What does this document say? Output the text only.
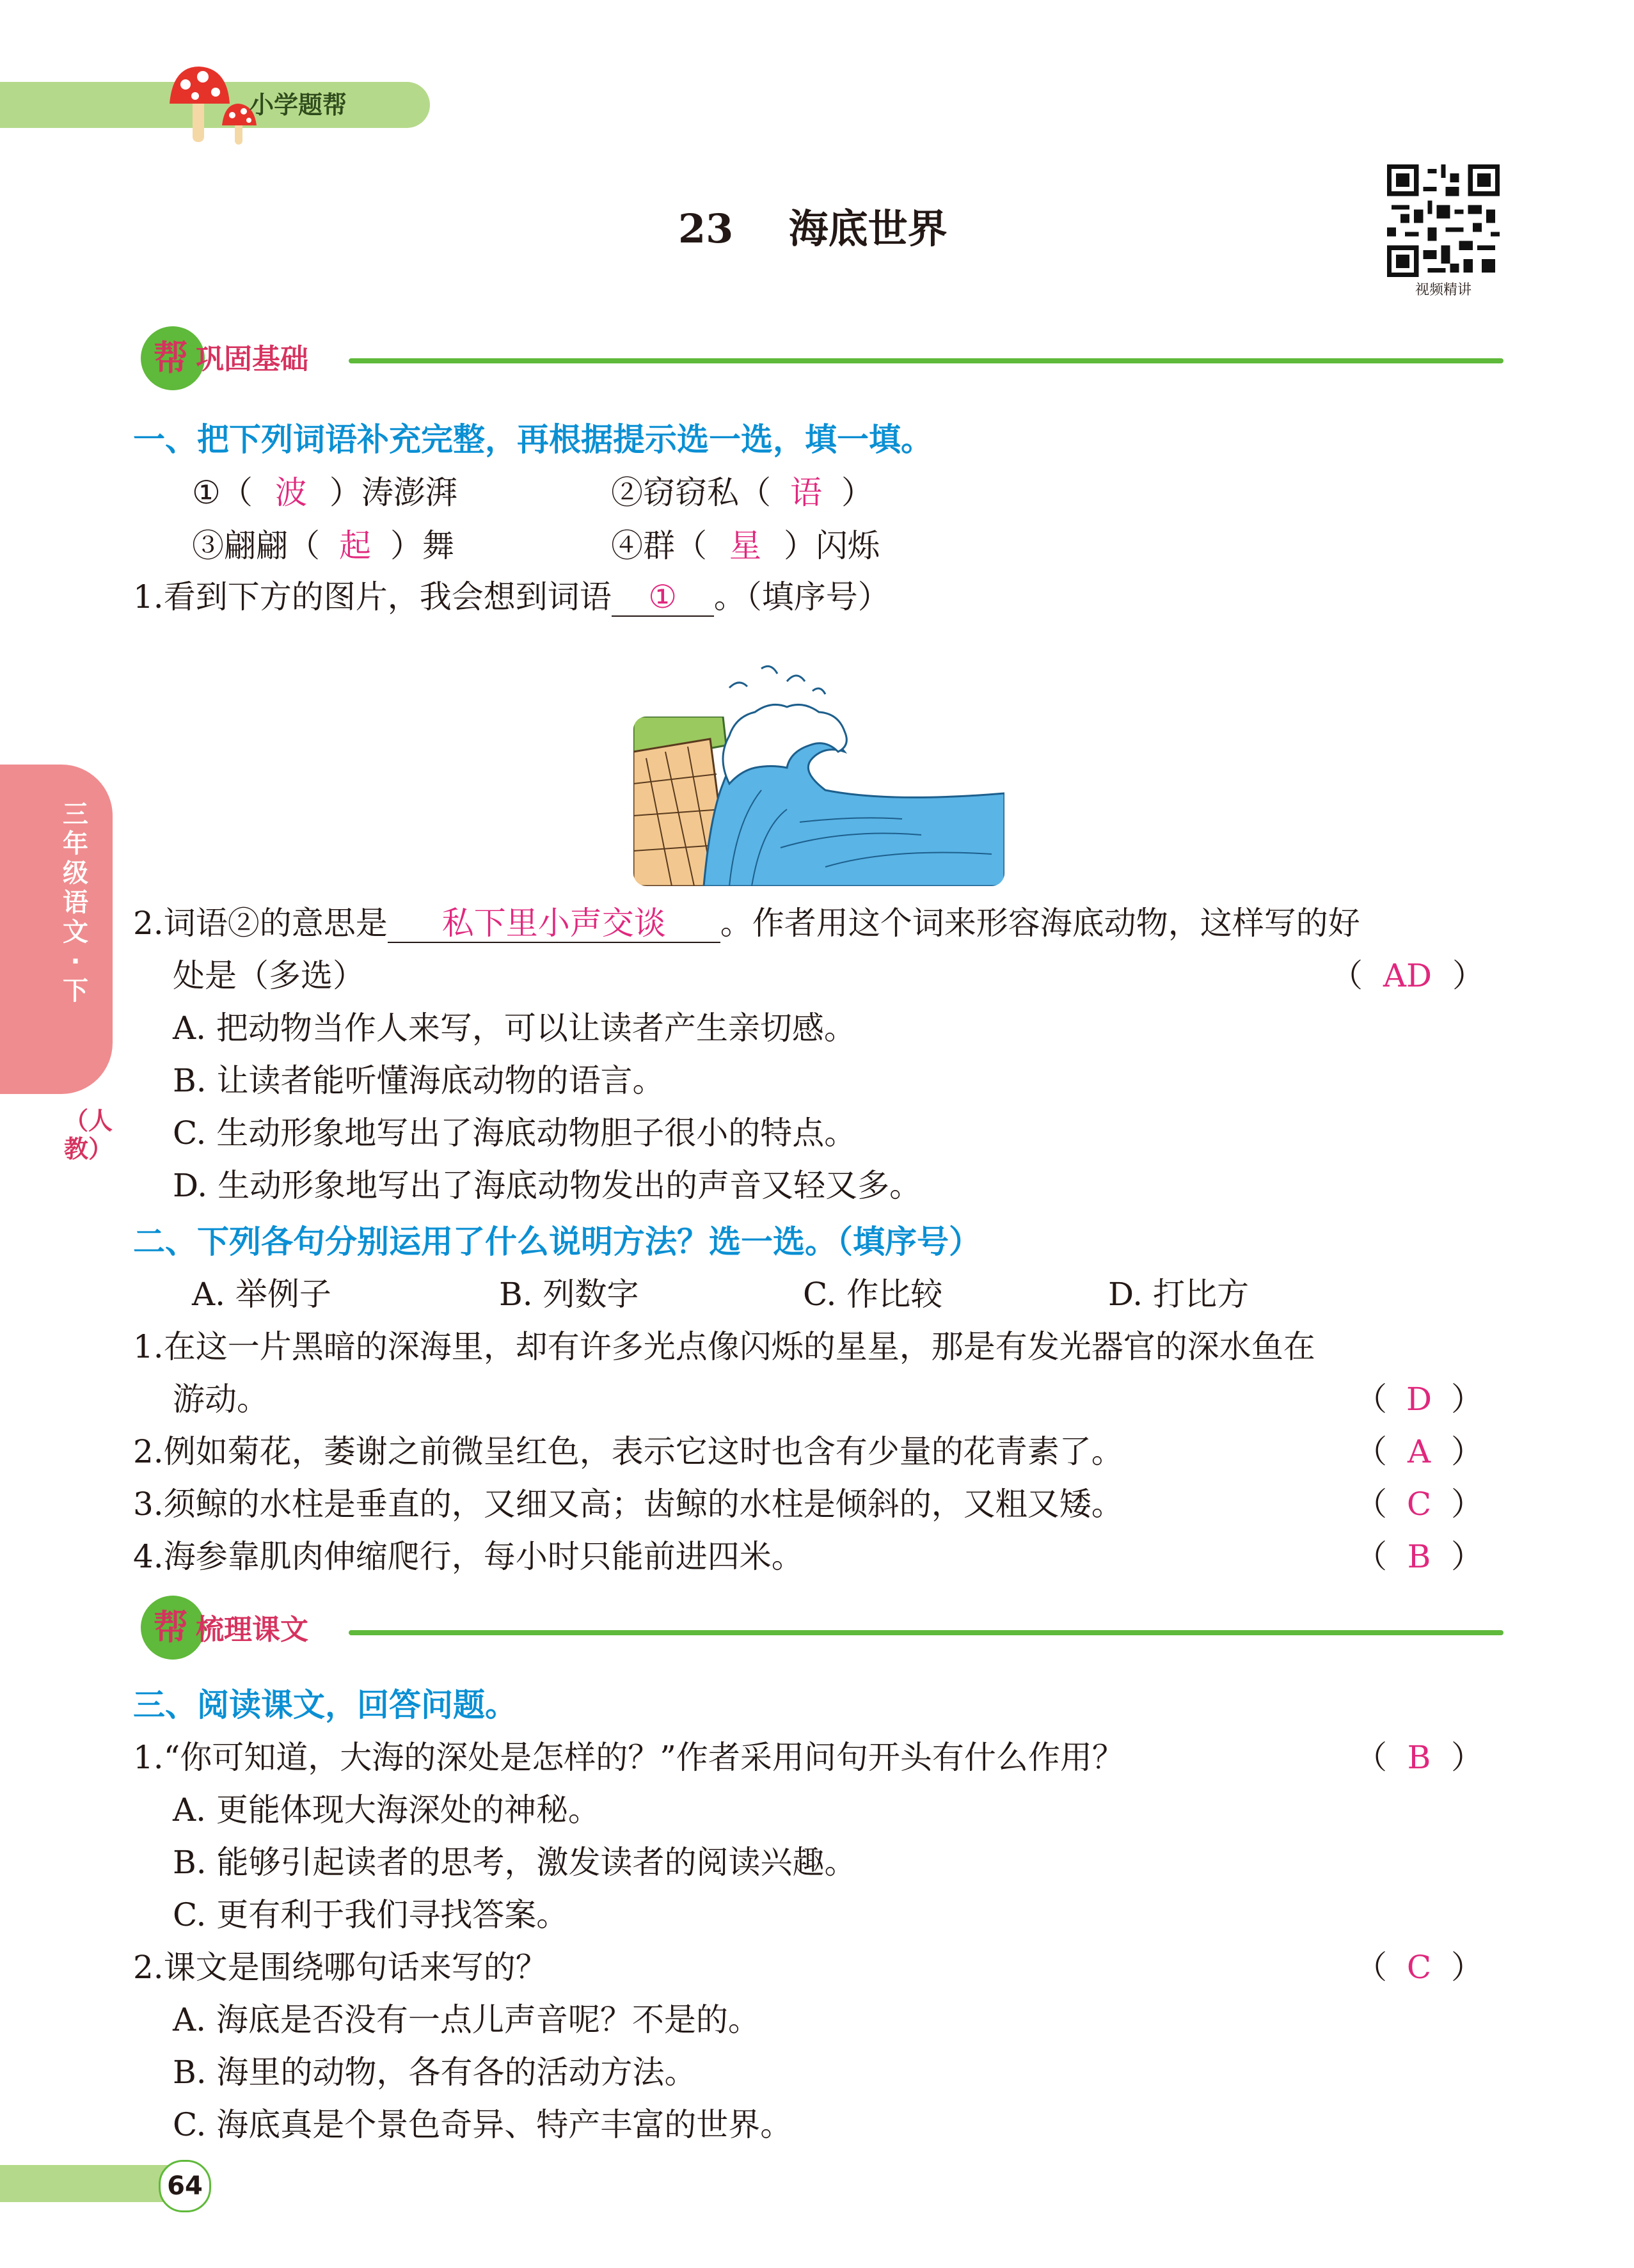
小学题帮
23 海底世界
视频精讲
三年级语文·下
（人教）
帮 巩固基础
一、把下列词语补充完整，再根据提示选一选，填一填。
①（ 波 ）涛澎湃	②窃窃私（ 语 ）
③翩翩（ 起 ）舞	④群（ 星 ）闪烁
1.看到下方的图片，我会想到词语 ① 。（填序号）
2.词语②的意思是 私下里小声交谈 。作者用这个词来形容海底动物，这样写的好
处是（多选）	（ AD ）
A. 把动物当作人来写，可以让读者产生亲切感。
B. 让读者能听懂海底动物的语言。
C. 生动形象地写出了海底动物胆子很小的特点。
D. 生动形象地写出了海底动物发出的声音又轻又多。
二、下列各句分别运用了什么说明方法？选一选。（填序号）
A. 举例子	B. 列数字	C. 作比较	D. 打比方
1.在这一片黑暗的深海里，却有许多光点像闪烁的星星，那是有发光器官的深水鱼在
游动。	（ D ）
2.例如菊花，萎谢之前微呈红色，表示它这时也含有少量的花青素了。	（ A ）
3.须鲸的水柱是垂直的，又细又高；齿鲸的水柱是倾斜的，又粗又矮。	（ C ）
4.海参靠肌肉伸缩爬行，每小时只能前进四米。	（ B ）
帮 梳理课文
三、阅读课文，回答问题。
1.“你可知道，大海的深处是怎样的？”作者采用问句开头有什么作用？	（ B ）
A. 更能体现大海深处的神秘。
B. 能够引起读者的思考，激发读者的阅读兴趣。
C. 更有利于我们寻找答案。
2.课文是围绕哪句话来写的？	（ C ）
A. 海底是否没有一点儿声音呢？不是的。
B. 海里的动物，各有各的活动方法。
C. 海底真是个景色奇异、特产丰富的世界。
64
